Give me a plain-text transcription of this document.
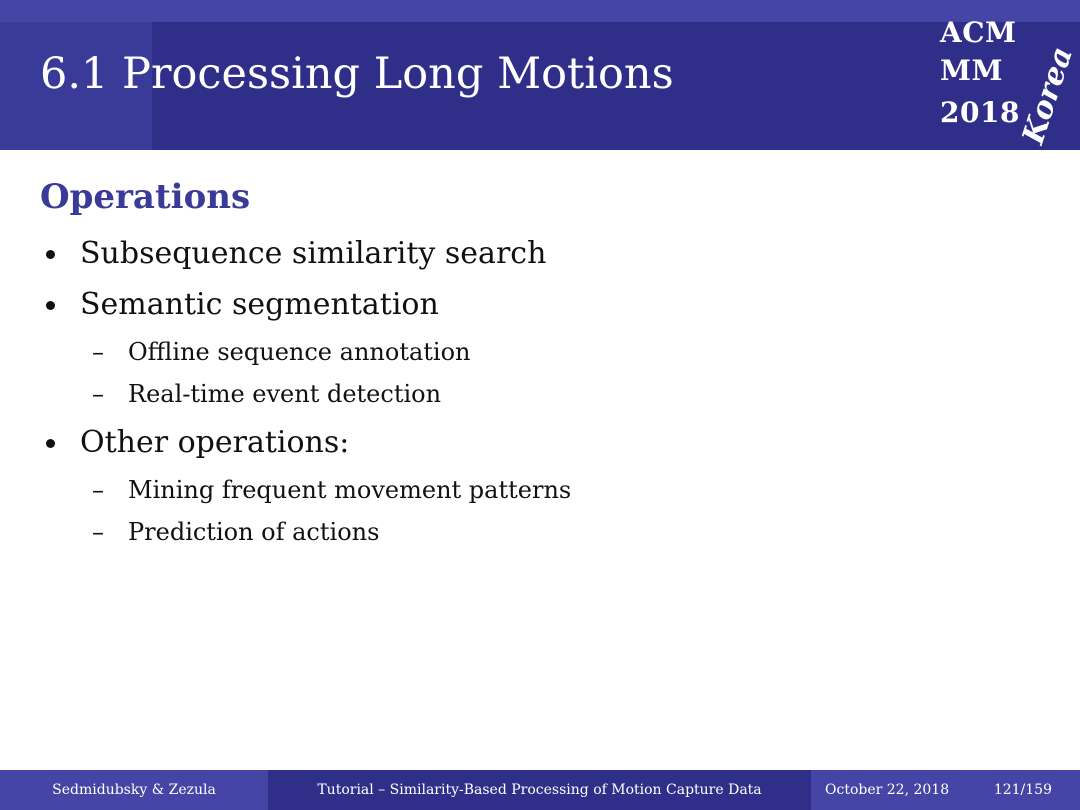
6.1 Processing Long Motions
ACM
MM
2018
Korea
Operations
Subsequence similarity search
Semantic segmentation
– Offline sequence annotation
– Real-time event detection
Other operations:
– Mining frequent movement patterns
– Prediction of actions
Sedmidubsky & Zezula	Tutorial – Similarity-Based Processing of Motion Capture Data	October 22, 2018	121/159
